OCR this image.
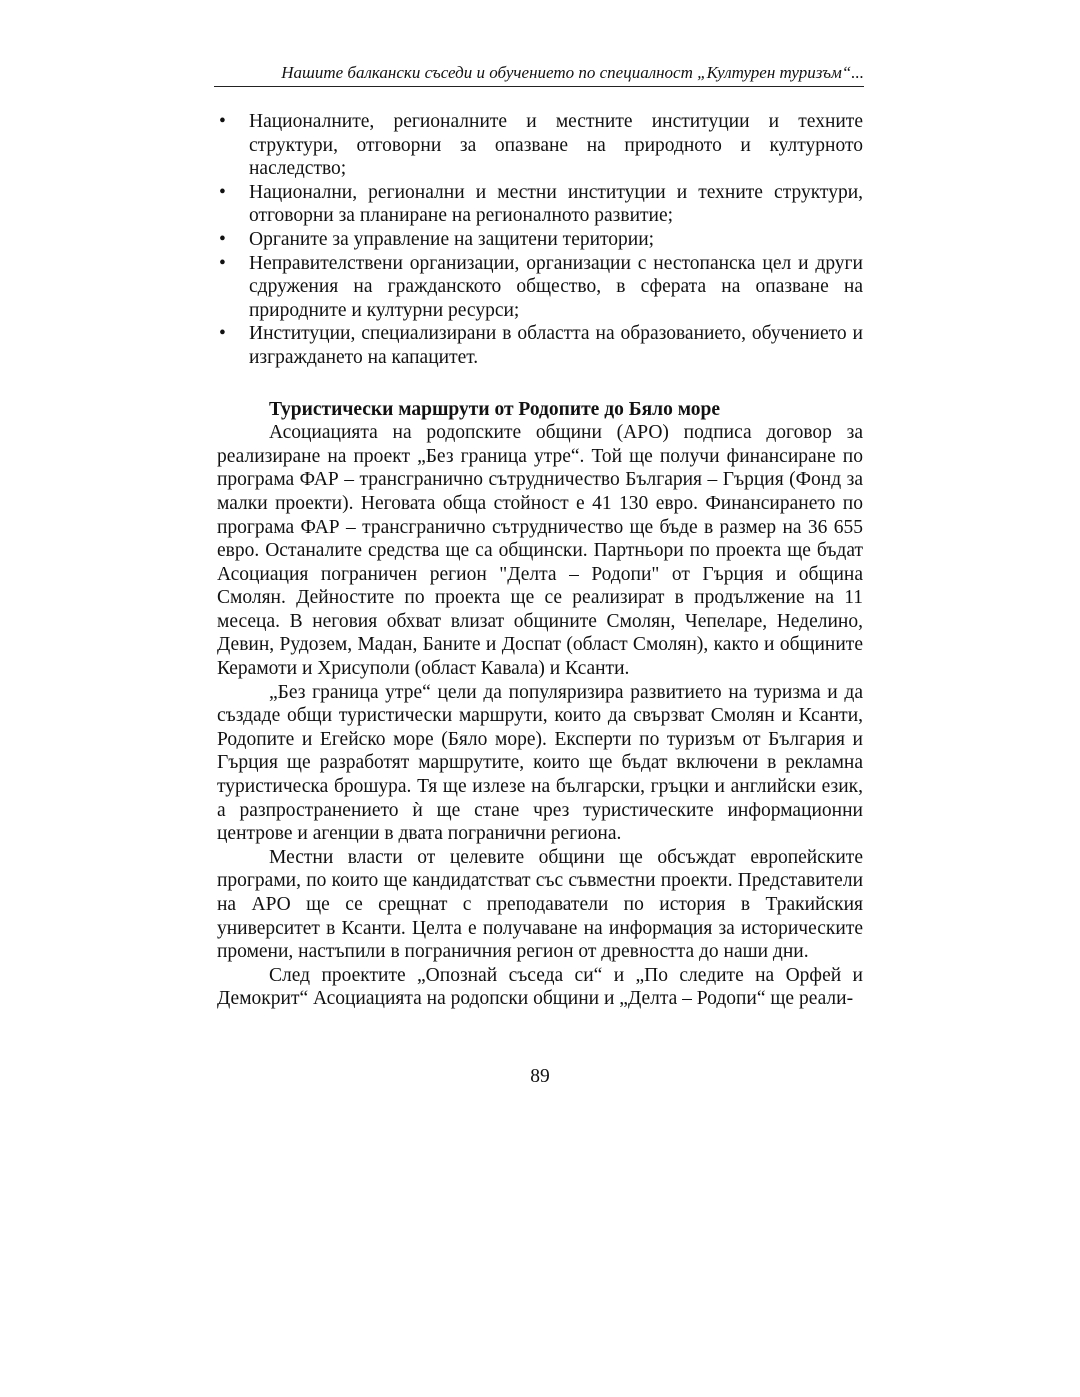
Нашите балкански съседи и обучението по специалност „Културен туризъм“...
• Националните, регионалните и местните институции и техните структури, отговорни за опазване на природното и културното наследство;
• Национални, регионални и местни институции и техните структури, отговорни за планиране на регионалното развитие;
• Органите за управление на защитени територии;
• Неправителствени организации, организации с нестопанска цел и други сдружения на гражданското общество, в сферата на опазване на природните и културни ресурси;
• Институции, специализирани в областта на образованието, обучението и изграждането на капацитет.
Туристически маршрути от Родопите до Бяло море

Асоциацията на родопските общини (АРО) подписа договор за реализиране на проект „Без граница утре“. Той ще получи финансиране по програма ФАР – трансгранично сътрудничество България – Гърция (Фонд за малки проекти). Неговата обща стойност е 41 130 евро. Финансирането по програма ФАР – трансгранично сътрудничество ще бъде в размер на 36 655 евро. Останалите средства ще са общински. Партньори по проекта ще бъдат Асоциация пограничен регион "Делта – Родопи" от Гърция и община Смолян. Дейностите по проекта ще се реализират в продължение на 11 месеца. В неговия обхват влизат общините Смолян, Чепеларе, Неделино, Девин, Рудозем, Мадан, Баните и Доспат (област Смолян), както и общините Керамоти и Хрисуполи (област Кавала) и Ксанти.

„Без граница утре“ цели да популяризира развитието на туризма и да създаде общи туристически маршрути, които да свързват Смолян и Ксанти, Родопите и Егейско море (Бяло море). Експерти по туризъм от България и Гърция ще разработят маршрутите, които ще бъдат включени в рекламна туристическа брошура. Тя ще излезе на български, гръцки и английски език, а разпространението ѝ ще стане чрез туристическите информационни центрове и агенции в двата погранични региона.

Местни власти от целевите общини ще обсъждат европейските програми, по които ще кандидатстват със съвместни проекти. Представители на АРО ще се срещнат с преподаватели по история в Тракийския университет в Ксанти. Целта е получаване на информация за историческите промени, настъпили в пограничния регион от древността до наши дни.

След проектите „Опознай съседа си“ и „По следите на Орфей и Демокрит“ Асоциацията на родопски общини и „Делта – Родопи“ ще реали-

89
